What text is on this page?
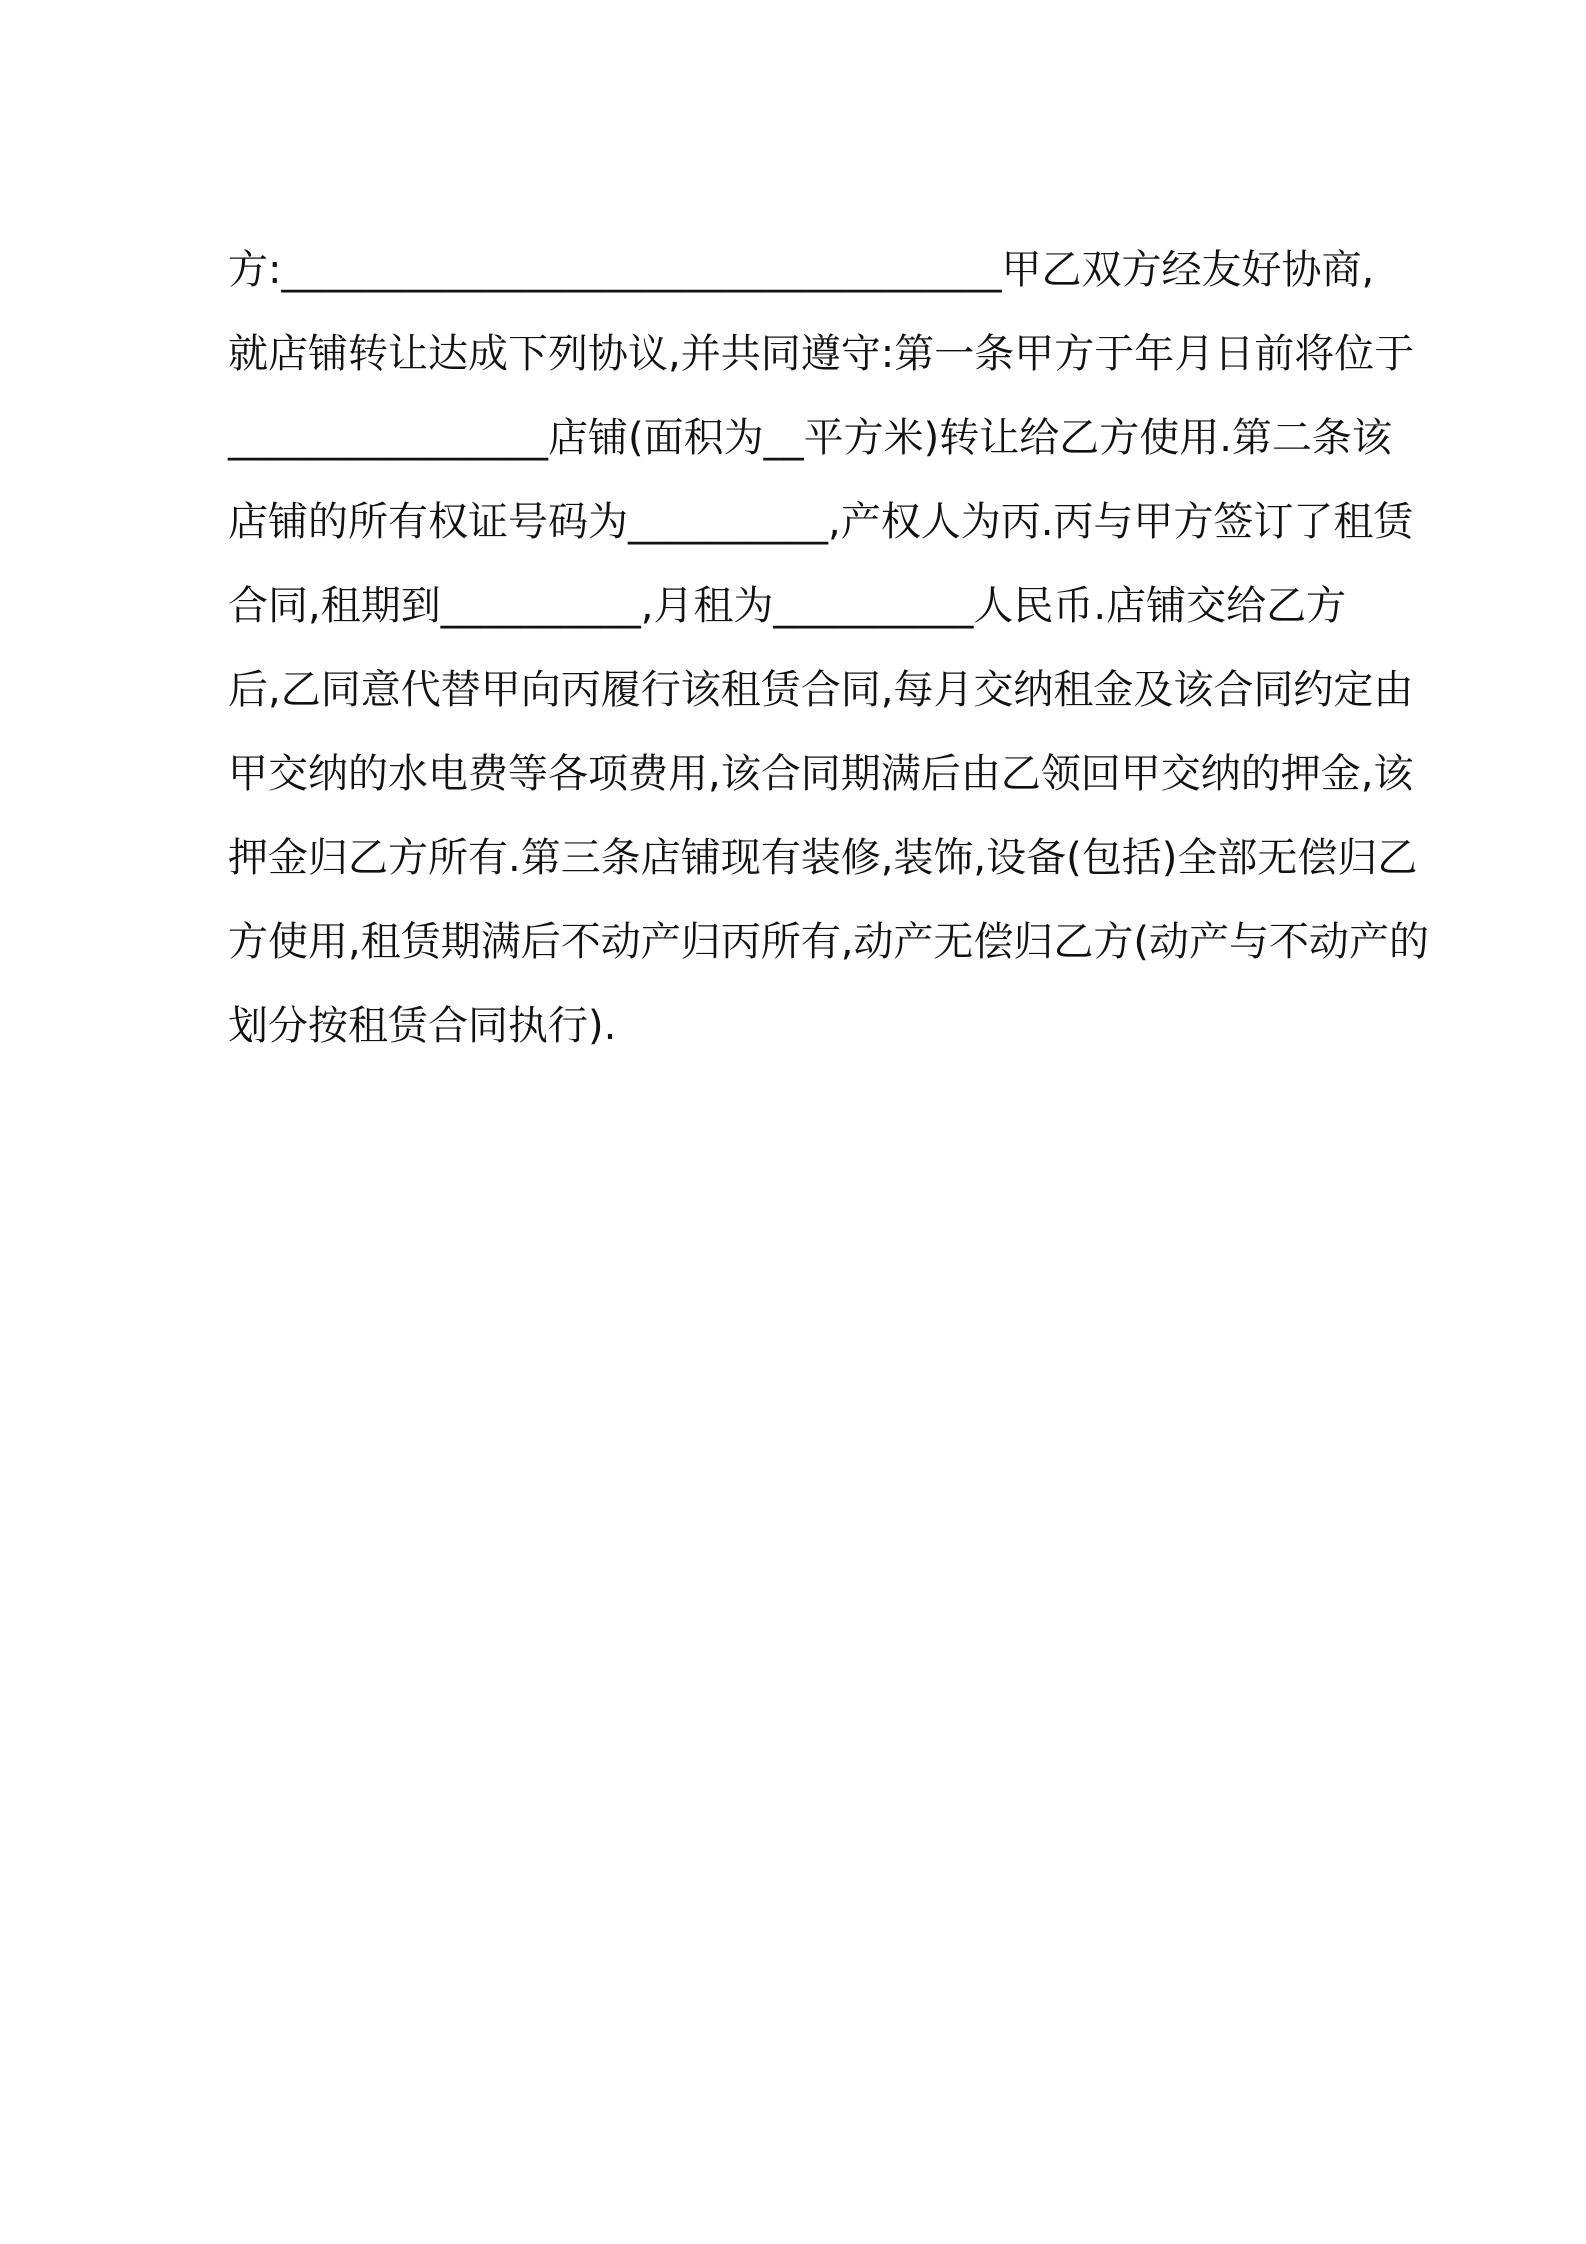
方:____________________________________甲乙双方经友好协商,
就店铺转让达成下列协议,并共同遵守:第一条甲方于年月日前将位于
________________店铺(面积为__平方米)转让给乙方使用.第二条该
店铺的所有权证号码为__________,产权人为丙.丙与甲方签订了租赁
合同,租期到__________,月租为__________人民币.店铺交给乙方
后,乙同意代替甲向丙履行该租赁合同,每月交纳租金及该合同约定由
甲交纳的水电费等各项费用,该合同期满后由乙领回甲交纳的押金,该
押金归乙方所有.第三条店铺现有装修,装饰,设备(包括)全部无偿归乙
方使用,租赁期满后不动产归丙所有,动产无偿归乙方(动产与不动产的
划分按租赁合同执行).
